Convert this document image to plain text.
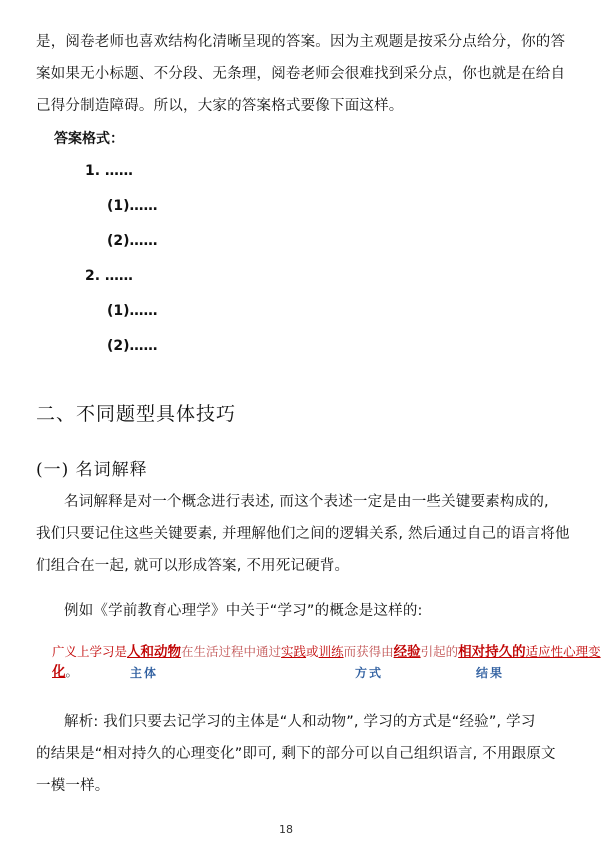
是，阅卷老师也喜欢结构化清晰呈现的答案。因为主观题是按采分点给分，你的答
案如果无小标题、不分段、无条理，阅卷老师会很难找到采分点，你也就是在给自
己得分制造障碍。所以，大家的答案格式要像下面这样。
答案格式：
1. ……
(1)……
(2)……
2. ……
(1)……
(2)……
二、不同题型具体技巧
(一) 名词解释
名词解释是对一个概念进行表述, 而这个表述一定是由一些关键要素构成的,
我们只要记住这些关键要素, 并理解他们之间的逻辑关系, 然后通过自己的语言将他
们组合在一起, 就可以形成答案, 不用死记硬背。
例如《学前教育心理学》中关于“学习”的概念是这样的:
广义上学习是人和动物在生活过程中通过实践或训练而获得由经验引起的相对持久的适应性心理变
化。	主体	方式	结果
解析: 我们只要去记学习的主体是“人和动物”, 学习的方式是“经验”, 学习
的结果是“相对持久的心理变化”即可, 剩下的部分可以自己组织语言, 不用跟原文
一模一样。
18
